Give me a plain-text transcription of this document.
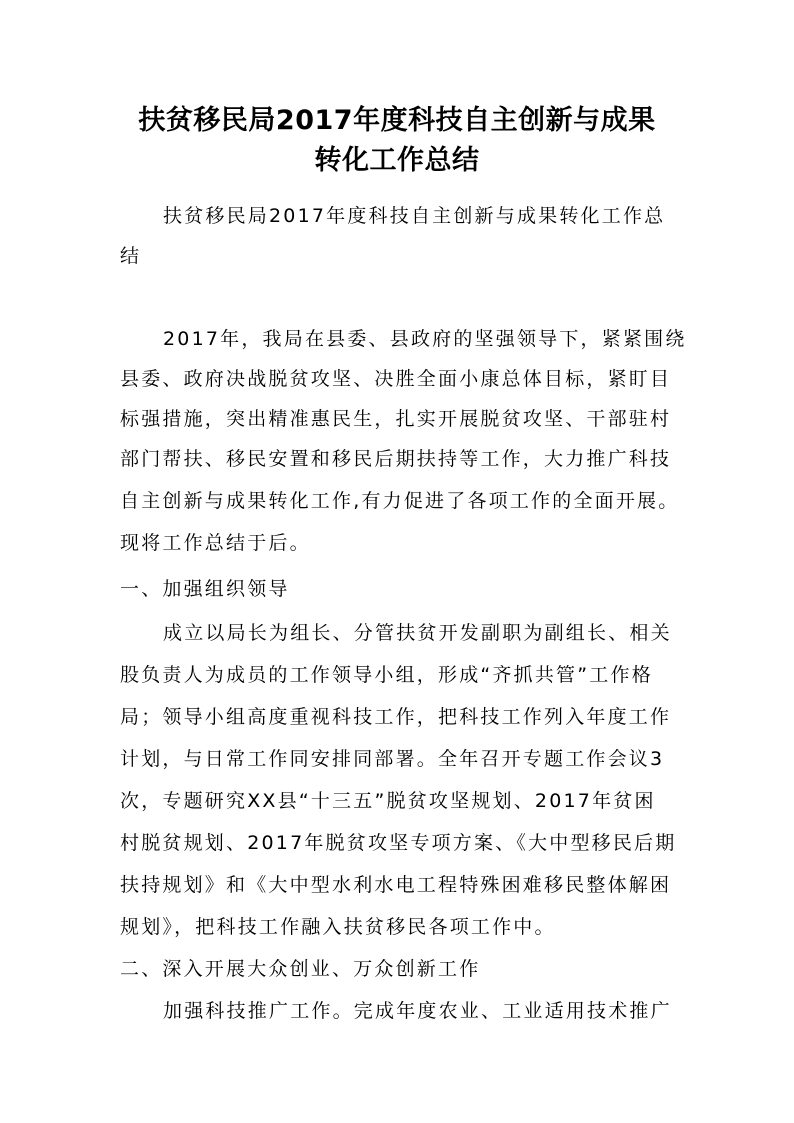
扶贫移民局2017年度科技自主创新与成果
转化工作总结

扶贫移民局2017年度科技自主创新与成果转化工作总

结

2017年，我局在县委、县政府的坚强领导下，紧紧围绕

县委、政府决战脱贫攻坚、决胜全面小康总体目标，紧盯目

标强措施，突出精准惠民生，扎实开展脱贫攻坚、干部驻村

部门帮扶、移民安置和移民后期扶持等工作，大力推广科技

自主创新与成果转化工作,有力促进了各项工作的全面开展。

现将工作总结于后。

一、加强组织领导

成立以局长为组长、分管扶贫开发副职为副组长、相关

股负责人为成员的工作领导小组，形成“齐抓共管”工作格

局；领导小组高度重视科技工作，把科技工作列入年度工作

计划，与日常工作同安排同部署。全年召开专题工作会议3

次，专题研究XX县“十三五”脱贫攻坚规划、2017年贫困

村脱贫规划、2017年脱贫攻坚专项方案、《大中型移民后期

扶持规划》和《大中型水利水电工程特殊困难移民整体解困

规划》，把科技工作融入扶贫移民各项工作中。

二、深入开展大众创业、万众创新工作

加强科技推广工作。完成年度农业、工业适用技术推广
